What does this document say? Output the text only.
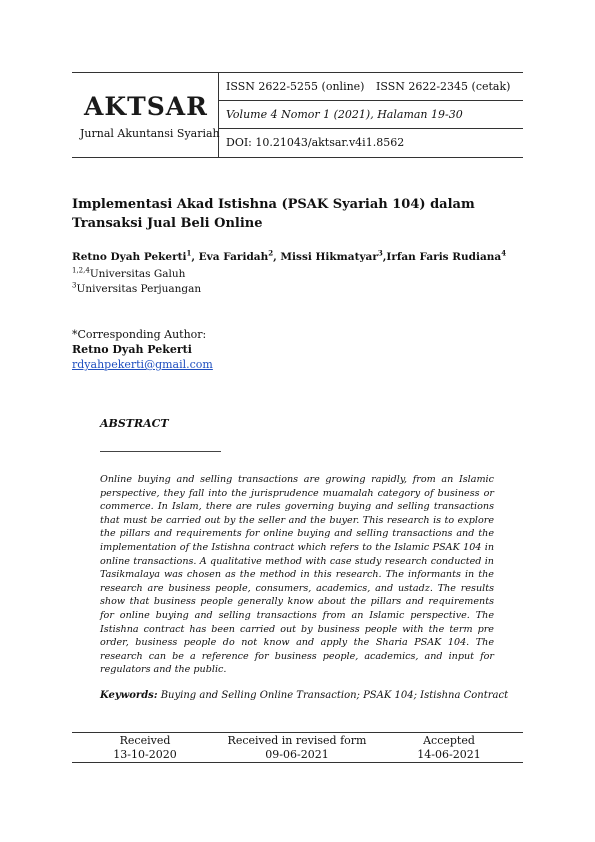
AKTSAR
Jurnal Akuntansi Syariah
ISSN 2622-5255 (online) ISSN 2622-2345 (cetak)
Volume 4 Nomor 1 (2021), Halaman 19-30
DOI: 10.21043/aktsar.v4i1.8562
Implementasi Akad Istishna (PSAK Syariah 104) dalam Transaksi Jual Beli Online
Retno Dyah Pekerti$^1$, Eva Faridah$^2$, Missi Hikmatyar$^3$,Irfan Faris Rudiana$^4$
$^{1,2,4}$Universitas Galuh
$^3$Universitas Perjuangan
*Corresponding Author:
Retno Dyah Pekerti
rdyahpekerti@gmail.com
ABSTRACT
Online buying and selling transactions are growing rapidly, from an Islamic perspective, they fall into the jurisprudence muamalah category of business or commerce. In Islam, there are rules governing buying and selling transactions that must be carried out by the seller and the buyer. This research is to explore the pillars and requirements for online buying and selling transactions and the implementation of the Istishna contract which refers to the Islamic PSAK 104 in online transactions. A qualitative method with case study research conducted in Tasikmalaya was chosen as the method in this research. The informants in the research are business people, consumers, academics, and ustadz. The results show that business people generally know about the pillars and requirements for online buying and selling transactions from an Islamic perspective. The Istishna contract has been carried out by business people with the term pre order, business people do not know and apply the Sharia PSAK 104. The research can be a reference for business people, academics, and input for regulators and the public.
Keywords: Buying and Selling Online Transaction; PSAK 104; Istishna Contract
Received
13-10-2020
Received in revised form
09-06-2021
Accepted
14-06-2021
